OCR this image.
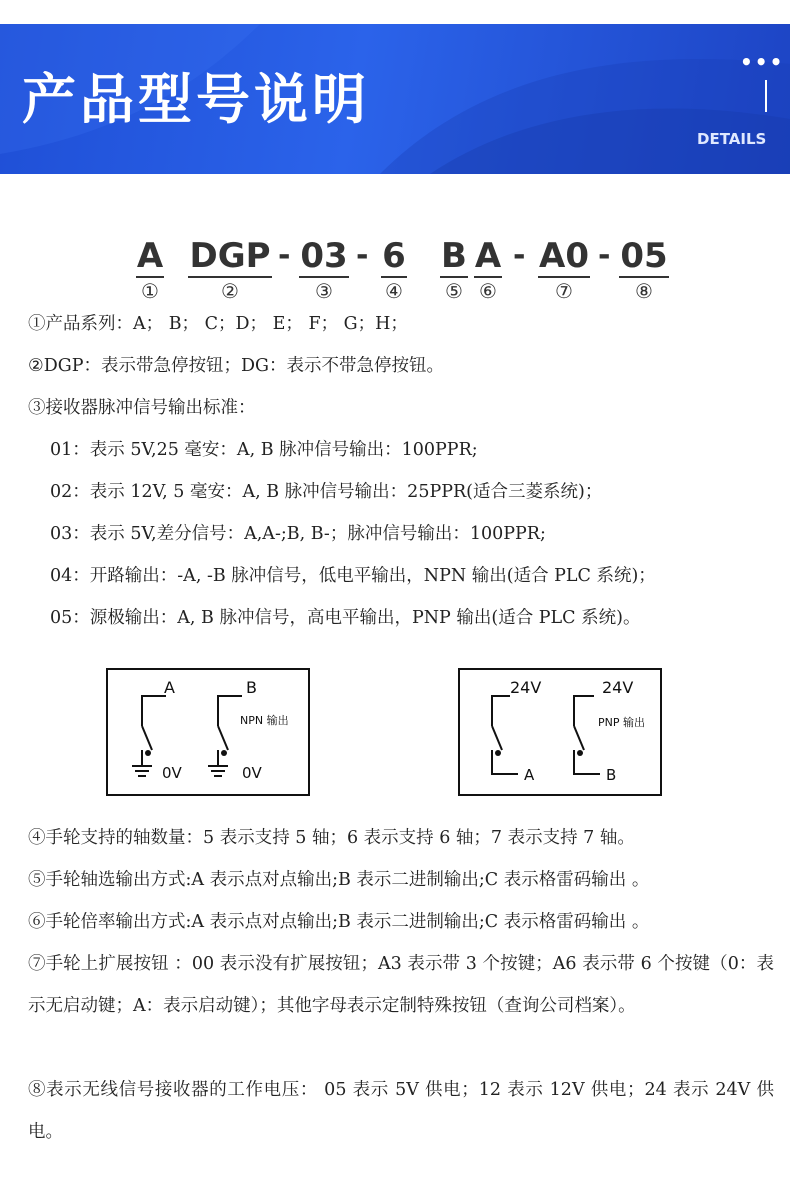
产品型号说明
•••
DETAILS
A
①
DGP
②
- 03
③
- 6
④
B
⑤
A
⑥
- A0
⑦
- 05
⑧
①产品系列：A； B； C；D； E； F； G；H；
②DGP：表示带急停按钮；DG：表示不带急停按钮。
③接收器脉冲信号输出标准：
01：表示 5V,25 毫安：A, B 脉冲信号输出：100PPR;
02：表示 12V, 5 毫安：A, B 脉冲信号输出：25PPR(适合三菱系统)；
03：表示 5V,差分信号：A,A-;B, B-；脉冲信号输出：100PPR;
04：开路输出：-A, -B 脉冲信号，低电平输出，NPN 输出(适合 PLC 系统)；
05：源极输出：A, B 脉冲信号，高电平输出，PNP 输出(适合 PLC 系统)。
A	B
NPN 输出
0V	0V
24V	24V
PNP 输出
A	B
④手轮支持的轴数量：5 表示支持 5 轴；6 表示支持 6 轴；7 表示支持 7 轴。
⑤手轮轴选输出方式:A 表示点对点输出;B 表示二进制输出;C 表示格雷码输出 。
⑥手轮倍率输出方式:A 表示点对点输出;B 表示二进制输出;C 表示格雷码输出 。
⑦手轮上扩展按钮 ：00 表示没有扩展按钮；A3 表示带 3 个按键；A6 表示带 6 个按键（0：表示无启动键；A：表示启动键）；其他字母表示定制特殊按钮（查询公司档案）。
⑧表示无线信号接收器的工作电压： 05 表示 5V 供电；12 表示 12V 供电；24 表示 24V 供电。
